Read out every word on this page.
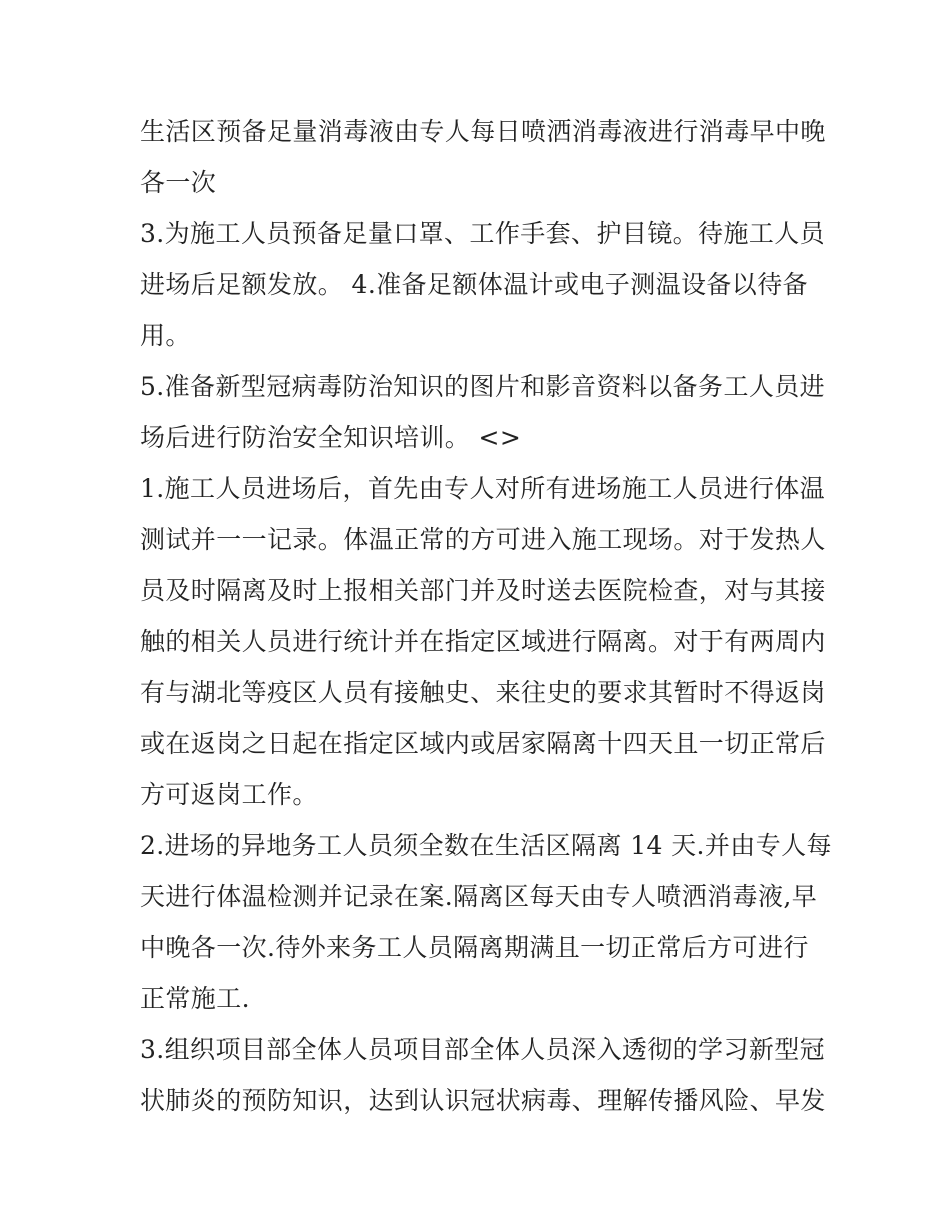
生活区预备足量消毒液由专人每日喷洒消毒液进行消毒早中晚
各一次
3.为施工人员预备足量口罩、工作手套、护目镜。待施工人员
进场后足额发放。 4.准备足额体温计或电子测温设备以待备
用。
5.准备新型冠病毒防治知识的图片和影音资料以备务工人员进
场后进行防治安全知识培训。 <>
1.施工人员进场后，首先由专人对所有进场施工人员进行体温
测试并一一记录。体温正常的方可进入施工现场。对于发热人
员及时隔离及时上报相关部门并及时送去医院检查，对与其接
触的相关人员进行统计并在指定区域进行隔离。对于有两周内
有与湖北等疫区人员有接触史、来往史的要求其暂时不得返岗
或在返岗之日起在指定区域内或居家隔离十四天且一切正常后
方可返岗工作。
2.进场的异地务工人员须全数在生活区隔离 14 天.并由专人每
天进行体温检测并记录在案.隔离区每天由专人喷洒消毒液,早
中晚各一次.待外来务工人员隔离期满且一切正常后方可进行
正常施工.
3.组织项目部全体人员项目部全体人员深入透彻的学习新型冠
状肺炎的预防知识，达到认识冠状病毒、理解传播风险、早发
